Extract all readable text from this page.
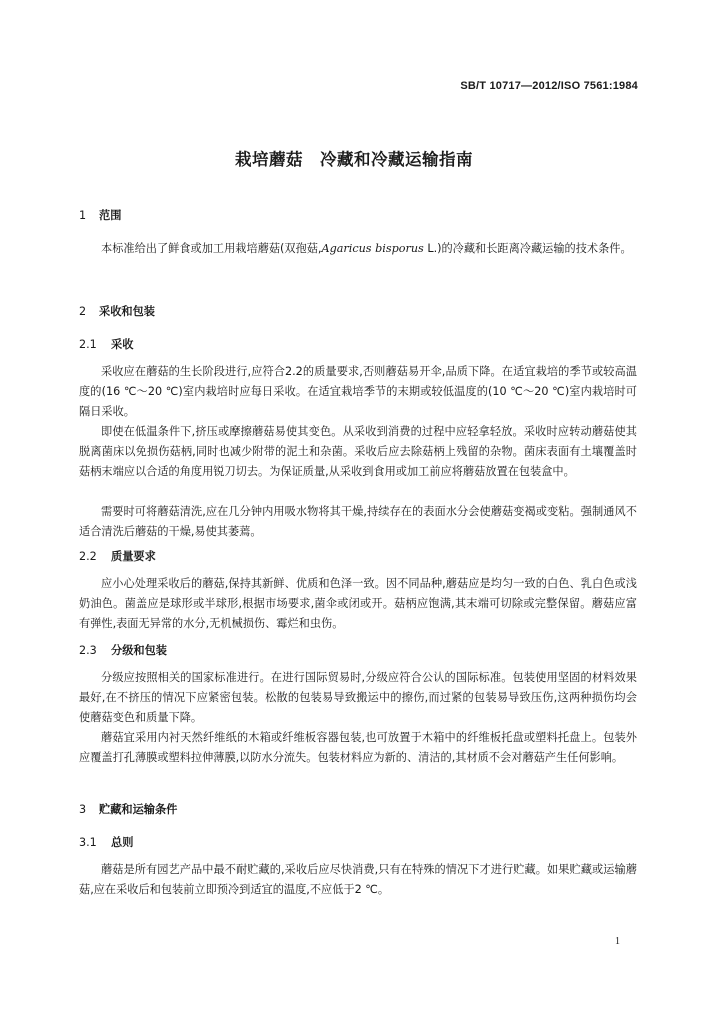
SB/T 10717—2012/ISO 7561:1984
栽培蘑菇　冷藏和冷藏运输指南
1 范围

本标准给出了鲜食或加工用栽培蘑菇(双孢菇,Agaricus bisporus L.)的冷藏和长距离冷藏运输的技术条件。

2 采收和包装
2.1 采收

采收应在蘑菇的生长阶段进行,应符合2.2的质量要求,否则蘑菇易开伞,品质下降。在适宜栽培的季节或较高温度的(16 ℃～20 ℃)室内栽培时应每日采收。在适宜栽培季节的末期或较低温度的(10 ℃～20 ℃)室内栽培时可隔日采收。

即使在低温条件下,挤压或摩擦蘑菇易使其变色。从采收到消费的过程中应轻拿轻放。采收时应转动蘑菇使其脱离菌床以免损伤菇柄,同时也减少附带的泥土和杂菌。采收后应去除菇柄上残留的杂物。菌床表面有土壤覆盖时菇柄末端应以合适的角度用锐刀切去。为保证质量,从采收到食用或加工前应将蘑菇放置在包装盒中。

需要时可将蘑菇清洗,应在几分钟内用吸水物将其干燥,持续存在的表面水分会使蘑菇变褐或变粘。强制通风不适合清洗后蘑菇的干燥,易使其萎蔫。

2.2 质量要求

应小心处理采收后的蘑菇,保持其新鲜、优质和色泽一致。因不同品种,蘑菇应是均匀一致的白色、乳白色或浅奶油色。菌盖应是球形或半球形,根据市场要求,菌伞或闭或开。菇柄应饱满,其末端可切除或完整保留。蘑菇应富有弹性,表面无异常的水分,无机械损伤、霉烂和虫伤。

2.3 分级和包装

分级应按照相关的国家标准进行。在进行国际贸易时,分级应符合公认的国际标准。包装使用坚固的材料效果最好,在不挤压的情况下应紧密包装。松散的包装易导致搬运中的擦伤,而过紧的包装易导致压伤,这两种损伤均会使蘑菇变色和质量下降。

蘑菇宜采用内衬天然纤维纸的木箱或纤维板容器包装,也可放置于木箱中的纤维板托盘或塑料托盘上。包装外应覆盖打孔薄膜或塑料拉伸薄膜,以防水分流失。包装材料应为新的、清洁的,其材质不会对蘑菇产生任何影响。

3 贮藏和运输条件
3.1 总则

蘑菇是所有园艺产品中最不耐贮藏的,采收后应尽快消费,只有在特殊的情况下才进行贮藏。如果贮藏或运输蘑菇,应在采收后和包装前立即预冷到适宜的温度,不应低于2 ℃。

1
